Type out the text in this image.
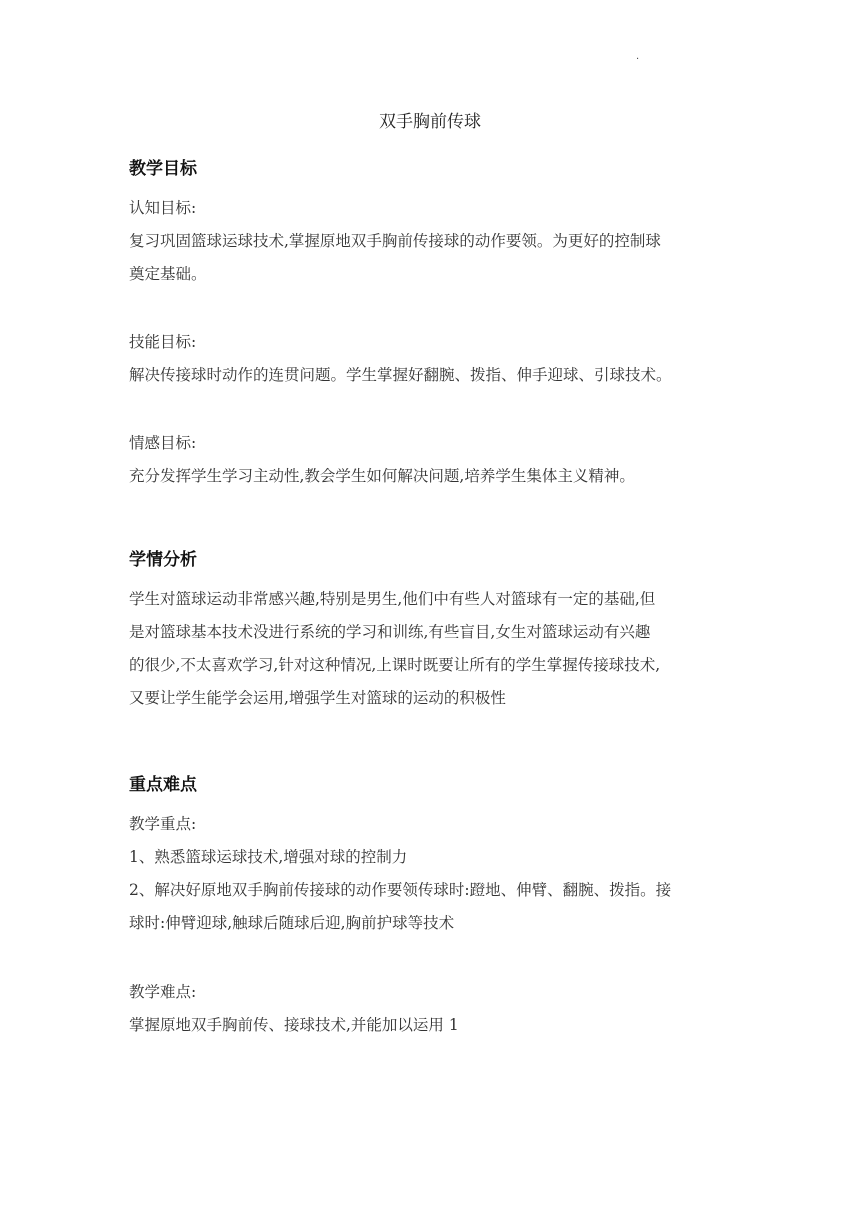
·
双手胸前传球
教学目标
认知目标:
复习巩固篮球运球技术,掌握原地双手胸前传接球的动作要领。为更好的控制球
奠定基础。
技能目标:
解决传接球时动作的连贯问题。学生掌握好翻腕、拨指、伸手迎球、引球技术。
情感目标:
充分发挥学生学习主动性,教会学生如何解决问题,培养学生集体主义精神。
学情分析
学生对篮球运动非常感兴趣,特别是男生,他们中有些人对篮球有一定的基础,但
是对篮球基本技术没进行系统的学习和训练,有些盲目,女生对篮球运动有兴趣
的很少,不太喜欢学习,针对这种情况,上课时既要让所有的学生掌握传接球技术,
又要让学生能学会运用,增强学生对篮球的运动的积极性
重点难点
教学重点:
1、熟悉篮球运球技术,增强对球的控制力
2、解决好原地双手胸前传接球的动作要领传球时:蹬地、伸臂、翻腕、拨指。接
球时:伸臂迎球,触球后随球后迎,胸前护球等技术
教学难点:
掌握原地双手胸前传、接球技术,并能加以运用 1
